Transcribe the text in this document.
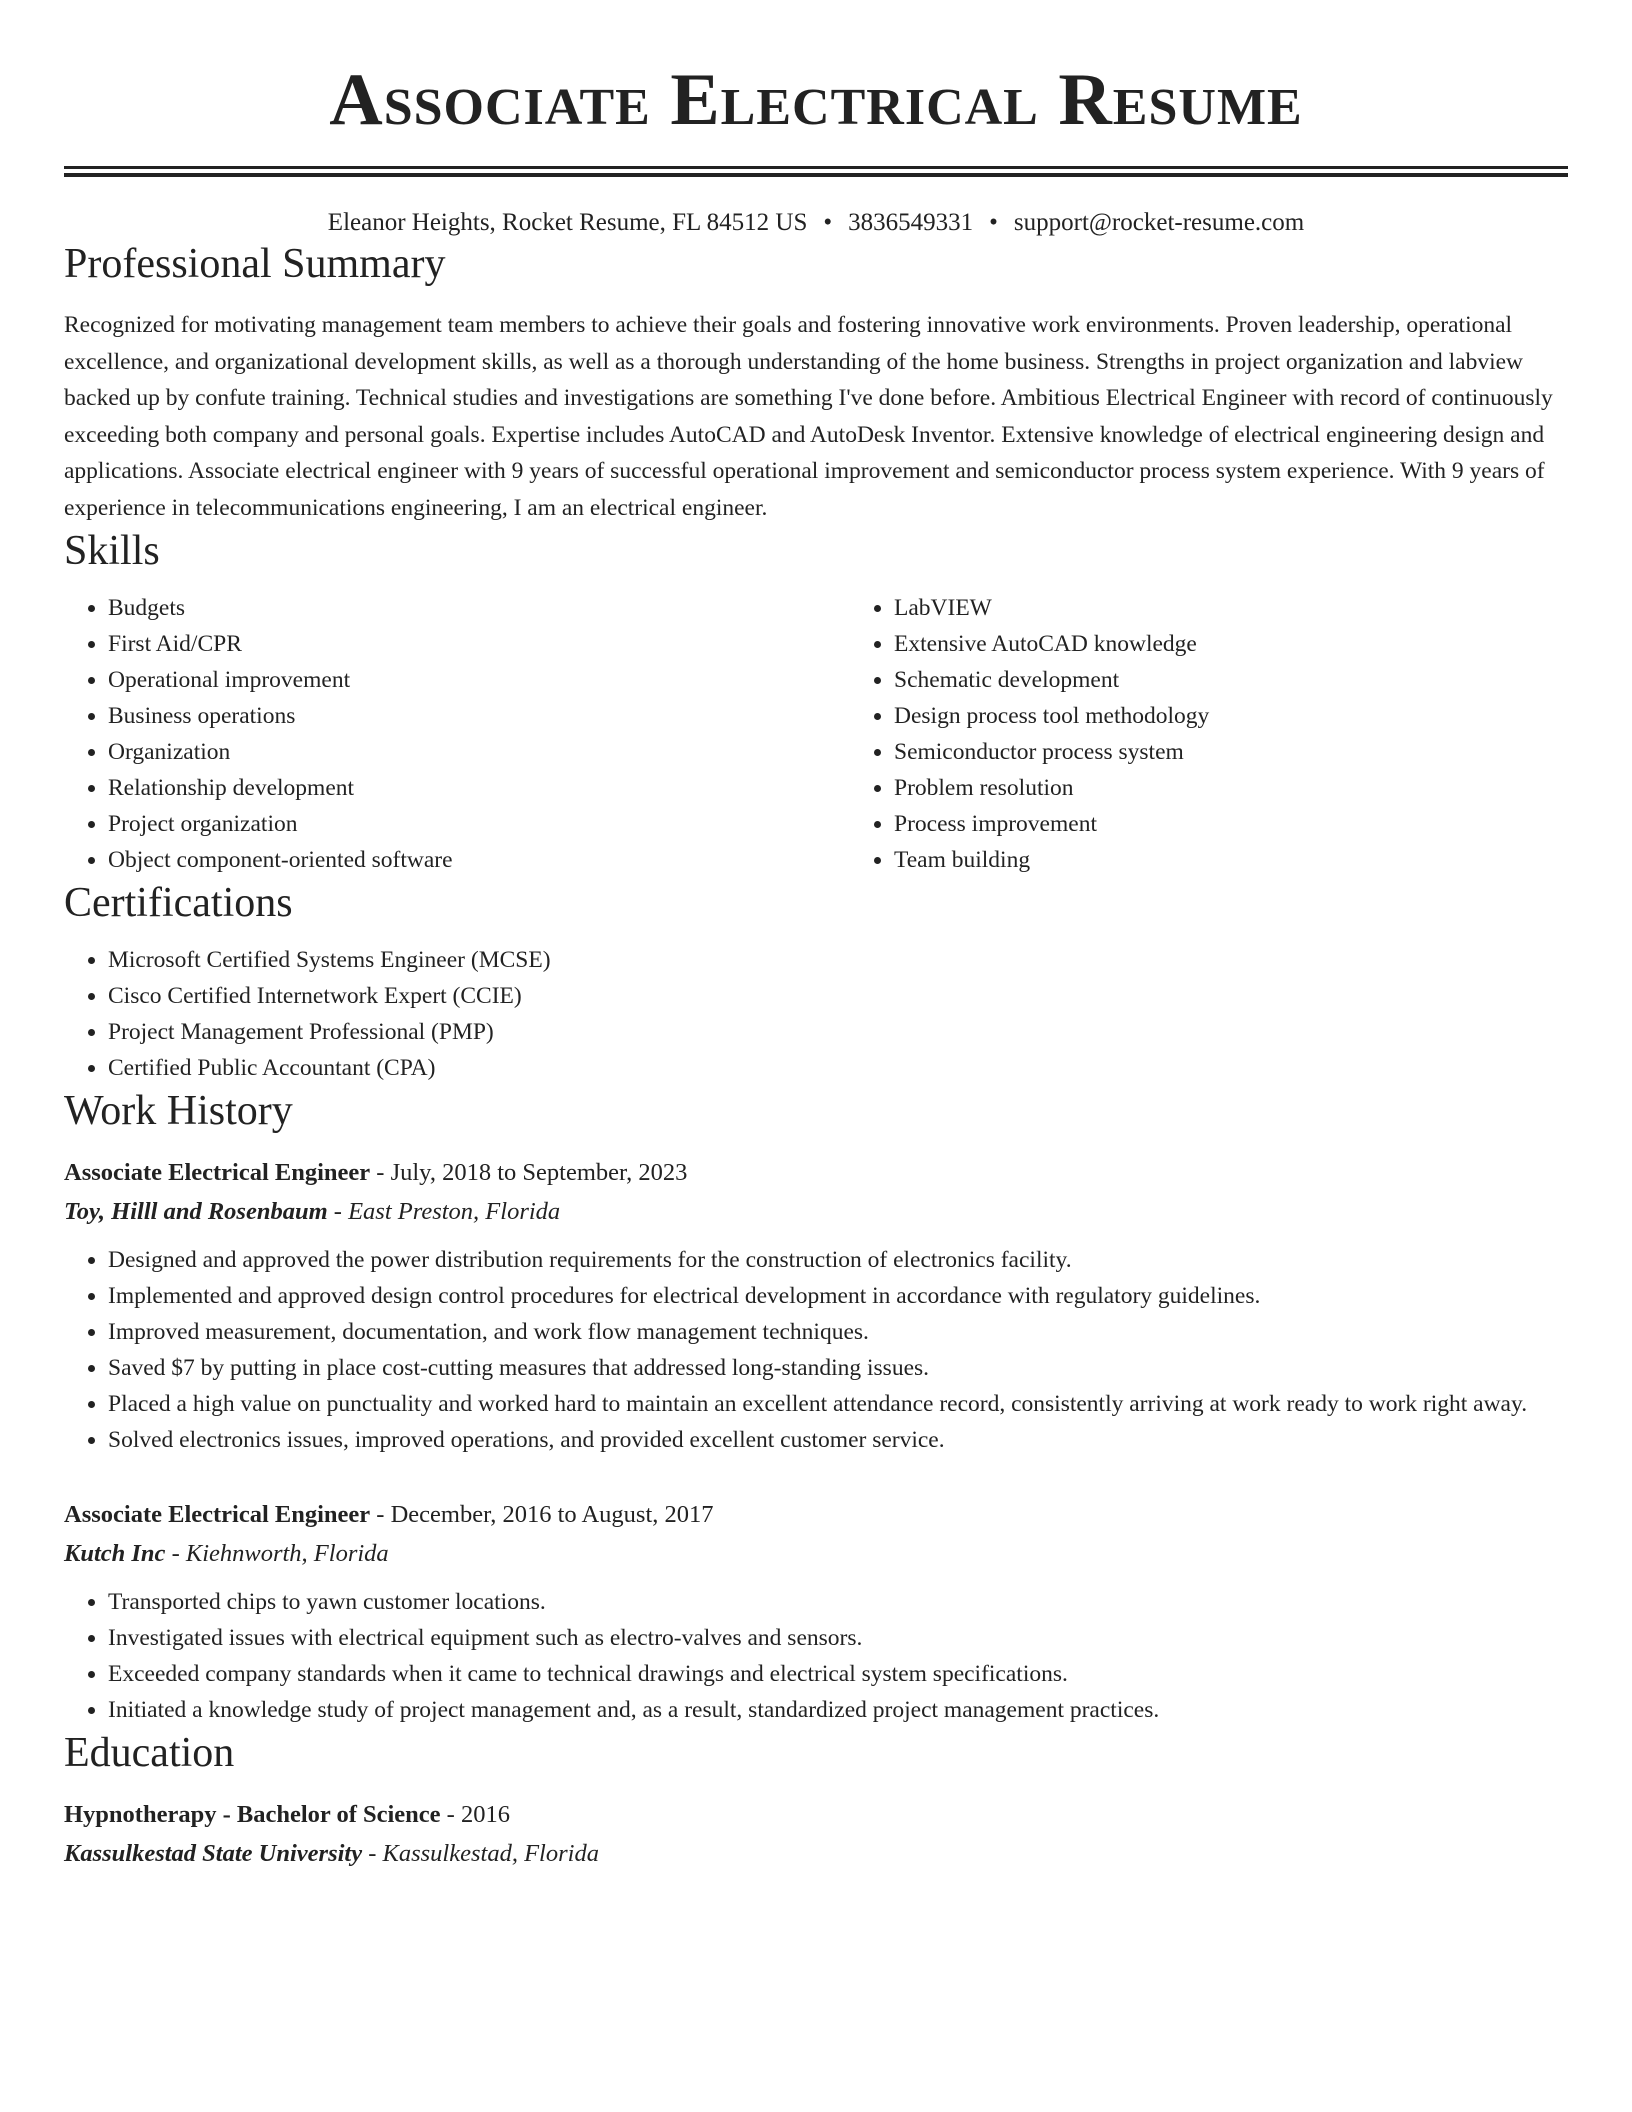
Associate Electrical Resume
Eleanor Heights, Rocket Resume, FL 84512 US • 3836549331 • support@rocket-resume.com
Professional Summary

Recognized for motivating management team members to achieve their goals and fostering innovative work environments. Proven leadership, operational excellence, and organizational development skills, as well as a thorough understanding of the home business. Strengths in project organization and labview backed up by confute training. Technical studies and investigations are something I've done before. Ambitious Electrical Engineer with record of continuously exceeding both company and personal goals. Expertise includes AutoCAD and AutoDesk Inventor. Extensive knowledge of electrical engineering design and applications. Associate electrical engineer with 9 years of successful operational improvement and semiconductor process system experience. With 9 years of experience in telecommunications engineering, I am an electrical engineer.

Skills
• Budgets
• First Aid/CPR
• Operational improvement
• Business operations
• Organization
• Relationship development
• Project organization
• Object component-oriented software
• LabVIEW
• Extensive AutoCAD knowledge
• Schematic development
• Design process tool methodology
• Semiconductor process system
• Problem resolution
• Process improvement
• Team building
Certifications
• Microsoft Certified Systems Engineer (MCSE)
• Cisco Certified Internetwork Expert (CCIE)
• Project Management Professional (PMP)
• Certified Public Accountant (CPA)
Work History
Associate Electrical Engineer - July, 2018 to September, 2023
Toy, Hilll and Rosenbaum - East Preston, Florida
• Designed and approved the power distribution requirements for the construction of electronics facility.
• Implemented and approved design control procedures for electrical development in accordance with regulatory guidelines.
• Improved measurement, documentation, and work flow management techniques.
• Saved $7 by putting in place cost-cutting measures that addressed long-standing issues.
• Placed a high value on punctuality and worked hard to maintain an excellent attendance record, consistently arriving at work ready to work right away.
• Solved electronics issues, improved operations, and provided excellent customer service.
Associate Electrical Engineer - December, 2016 to August, 2017
Kutch Inc - Kiehnworth, Florida
• Transported chips to yawn customer locations.
• Investigated issues with electrical equipment such as electro-valves and sensors.
• Exceeded company standards when it came to technical drawings and electrical system specifications.
• Initiated a knowledge study of project management and, as a result, standardized project management practices.
Education
Hypnotherapy - Bachelor of Science - 2016
Kassulkestad State University - Kassulkestad, Florida
